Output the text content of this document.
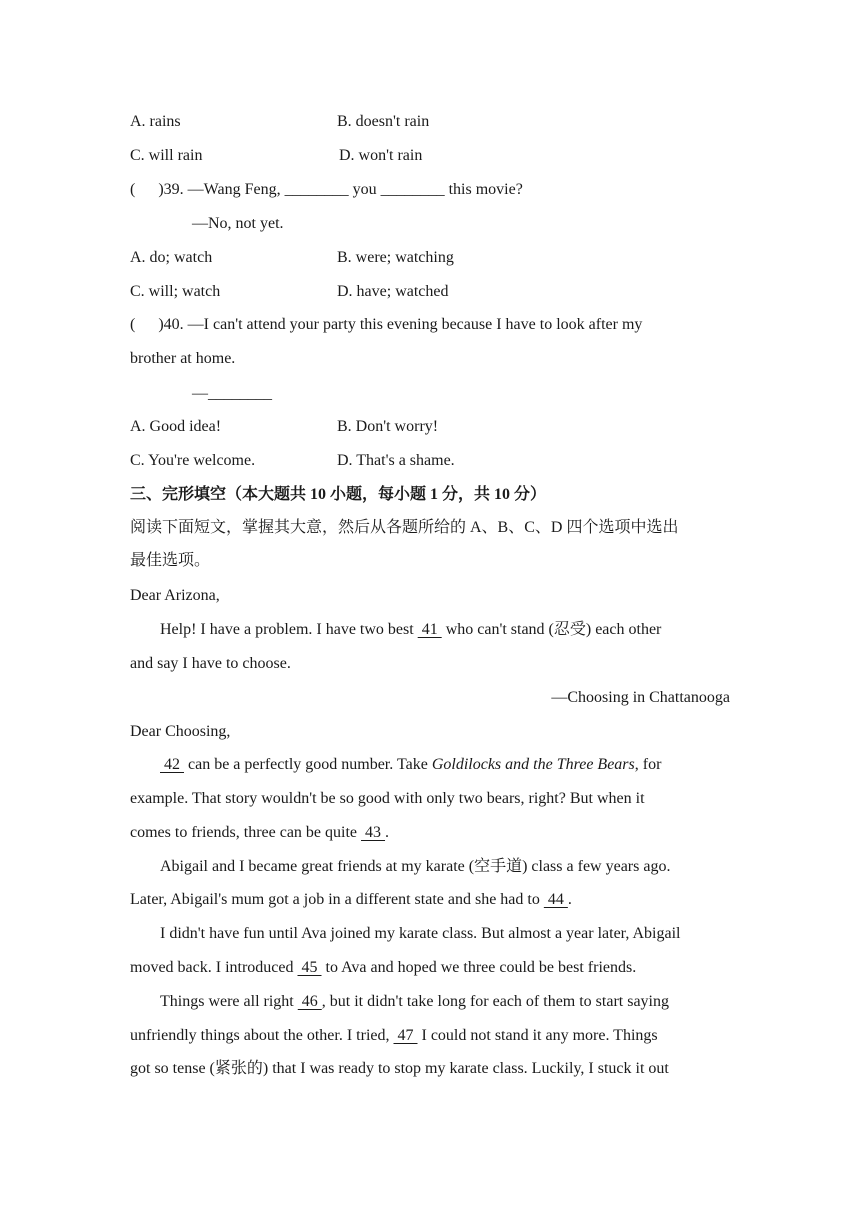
A. rains	B. doesn't rain
C. will rain	D. won't rain
( )39. —Wang Feng, ________ you ________ this movie?
—No, not yet.
A. do; watch	B. were; watching
C. will; watch	D. have; watched
( )40. —I can't attend your party this evening because I have to look after my
brother at home.
—________
A. Good idea!	B. Don't worry!
C. You're welcome.	D. That's a shame.
三、完形填空（本大题共 10 小题，每小题 1 分，共 10 分）
阅读下面短文，掌握其大意，然后从各题所给的 A、B、C、D 四个选项中选出
最佳选项。
Dear Arizona,
Help! I have a problem. I have two best  41  who can't stand (忍受) each other
and say I have to choose.
—Choosing in Chattanooga
Dear Choosing,
42  can be a perfectly good number. Take Goldilocks and the Three Bears, for
example. That story wouldn't be so good with only two bears, right? But when it
comes to friends, three can be quite  43 .
Abigail and I became great friends at my karate (空手道) class a few years ago.
Later, Abigail's mum got a job in a different state and she had to  44 .
I didn't have fun until Ava joined my karate class. But almost a year later, Abigail
moved back. I introduced  45  to Ava and hoped we three could be best friends.
Things were all right  46 , but it didn't take long for each of them to start saying
unfriendly things about the other. I tried,  47  I could not stand it any more. Things
got so tense (紧张的) that I was ready to stop my karate class. Luckily, I stuck it out
